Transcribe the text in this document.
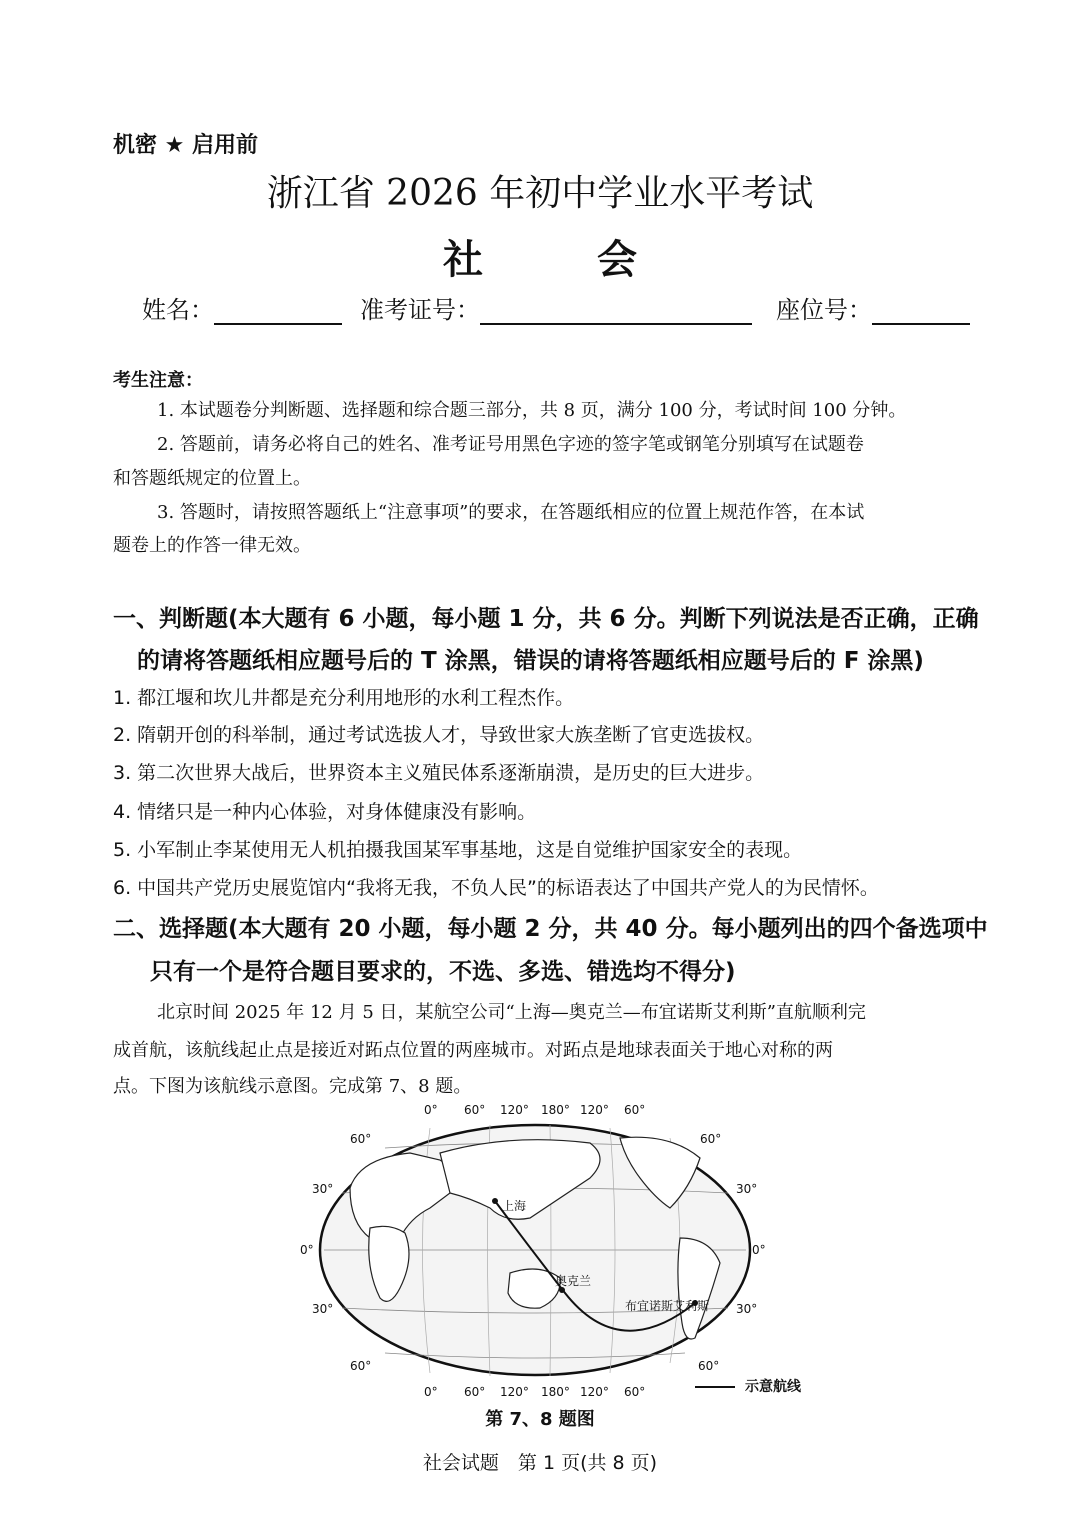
机密 ★ 启用前
浙江省 2026 年初中学业水平考试
社 会
姓名：	准考证号：	座位号：
考生注意：
1. 本试题卷分判断题、选择题和综合题三部分，共 8 页，满分 100 分，考试时间 100 分钟。
2. 答题前，请务必将自己的姓名、准考证号用黑色字迹的签字笔或钢笔分别填写在试题卷
和答题纸规定的位置上。
3. 答题时，请按照答题纸上“注意事项”的要求，在答题纸相应的位置上规范作答，在本试
题卷上的作答一律无效。
一、判断题(本大题有 6 小题，每小题 1 分，共 6 分。判断下列说法是否正确，正确
的请将答题纸相应题号后的 T 涂黑，错误的请将答题纸相应题号后的 F 涂黑)
1. 都江堰和坎儿井都是充分利用地形的水利工程杰作。
2. 隋朝开创的科举制，通过考试选拔人才，导致世家大族垄断了官吏选拔权。
3. 第二次世界大战后，世界资本主义殖民体系逐渐崩溃，是历史的巨大进步。
4. 情绪只是一种内心体验，对身体健康没有影响。
5. 小军制止李某使用无人机拍摄我国某军事基地，这是自觉维护国家安全的表现。
6. 中国共产党历史展览馆内“我将无我，不负人民”的标语表达了中国共产党人的为民情怀。
二、选择题(本大题有 20 小题，每小题 2 分，共 40 分。每小题列出的四个备选项中
只有一个是符合题目要求的，不选、多选、错选均不得分)
北京时间 2025 年 12 月 5 日，某航空公司“上海—奥克兰—布宜诺斯艾利斯”直航顺利完
成首航，该航线起止点是接近对跖点位置的两座城市。对跖点是地球表面关于地心对称的两
点。下图为该航线示意图。完成第 7、8 题。
上海
奥克兰
布宜诺斯艾利斯
0° 60° 120° 180° 120° 60°
0° 60° 120° 180° 120° 60°
60°
30°
0°
30°
60°
60°
30°
0°
30°
60°
示意航线
第 7、8 题图
社会试题　第 1 页(共 8 页)
